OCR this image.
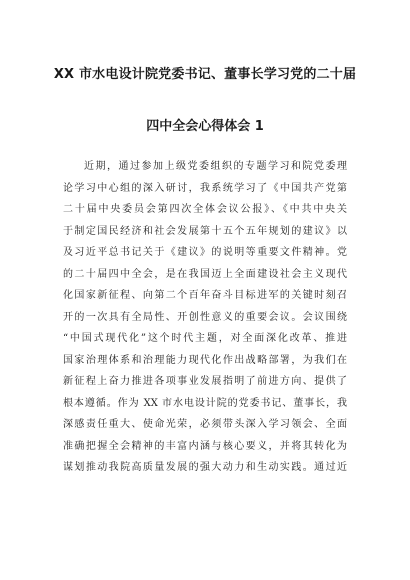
XX 市水电设计院党委书记、董事长学习党的二十届
四中全会心得体会 1
近期，通过参加上级党委组织的专题学习和院党委理
论学习中心组的深入研讨，我系统学习了《中国共产党第
二十届中央委员会第四次全体会议公报》、《中共中央关
于制定国民经济和社会发展第十五个五年规划的建议》以
及习近平总书记关于《建议》的说明等重要文件精神。党
的二十届四中全会，是在我国迈上全面建设社会主义现代
化国家新征程、向第二个百年奋斗目标进军的关键时刻召
开的一次具有全局性、开创性意义的重要会议。会议围绕
“中国式现代化”这个时代主题，对全面深化改革、推进
国家治理体系和治理能力现代化作出战略部署，为我们在
新征程上奋力推进各项事业发展指明了前进方向、提供了
根本遵循。作为 XX 市水电设计院的党委书记、董事长，我
深感责任重大、使命光荣，必须带头深入学习领会、全面
准确把握全会精神的丰富内涵与核心要义，并将其转化为
谋划推动我院高质量发展的强大动力和生动实践。通过近
